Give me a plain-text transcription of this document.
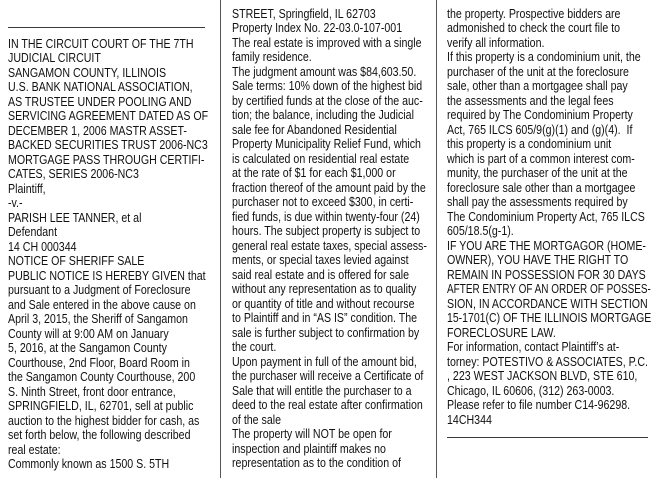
IN THE CIRCUIT COURT OF THE 7TH
JUDICIAL CIRCUIT
SANGAMON COUNTY, ILLINOIS
U.S. BANK NATIONAL ASSOCIATION,
AS TRUSTEE UNDER POOLING AND
SERVICING AGREEMENT DATED AS OF
DECEMBER 1, 2006 MASTR ASSET-
BACKED SECURITIES TRUST 2006-NC3
MORTGAGE PASS THROUGH CERTIFI-
CATES, SERIES 2006-NC3
Plaintiff,
-v.-
PARISH LEE TANNER, et al
Defendant
14 CH 000344
NOTICE OF SHERIFF SALE
PUBLIC NOTICE IS HEREBY GIVEN that
pursuant to a Judgment of Foreclosure
and Sale entered in the above cause on
April 3, 2015, the Sheriff of Sangamon
County will at 9:00 AM on January
5, 2016, at the Sangamon County
Courthouse, 2nd Floor, Board Room in
the Sangamon County Courthouse, 200
S. Ninth Street, front door entrance,
SPRINGFIELD, IL, 62701, sell at public
auction to the highest bidder for cash, as
set forth below, the following described
real estate:
Commonly known as 1500 S. 5TH
STREET, Springfield, IL 62703
Property Index No. 22-03.0-107-001
The real estate is improved with a single
family residence.
The judgment amount was $84,603.50.
Sale terms: 10% down of the highest bid
by certified funds at the close of the auc-
tion; the balance, including the Judicial
sale fee for Abandoned Residential
Property Municipality Relief Fund, which
is calculated on residential real estate
at the rate of $1 for each $1,000 or
fraction thereof of the amount paid by the
purchaser not to exceed $300, in certi-
fied funds, is due within twenty-four (24)
hours. The subject property is subject to
general real estate taxes, special assess-
ments, or special taxes levied against
said real estate and is offered for sale
without any representation as to quality
or quantity of title and without recourse
to Plaintiff and in “AS IS” condition. The
sale is further subject to confirmation by
the court.
Upon payment in full of the amount bid,
the purchaser will receive a Certificate of
Sale that will entitle the purchaser to a
deed to the real estate after confirmation
of the sale
The property will NOT be open for
inspection and plaintiff makes no
representation as to the condition of
the property. Prospective bidders are
admonished to check the court file to
verify all information.
If this property is a condominium unit, the
purchaser of the unit at the foreclosure
sale, other than a mortgagee shall pay
the assessments and the legal fees
required by The Condominium Property
Act, 765 ILCS 605/9(g)(1) and (g)(4).  If
this property is a condominium unit
which is part of a common interest com-
munity, the purchaser of the unit at the
foreclosure sale other than a mortgagee
shall pay the assessments required by
The Condominium Property Act, 765 ILCS
605/18.5(g-1).
IF YOU ARE THE MORTGAGOR (HOME-
OWNER), YOU HAVE THE RIGHT TO
REMAIN IN POSSESSION FOR 30 DAYS
AFTER ENTRY OF AN ORDER OF POSSES-
SION, IN ACCORDANCE WITH SECTION
15-1701(C) OF THE ILLINOIS MORTGAGE
FORECLOSURE LAW.
For information, contact Plaintiff’s at-
torney: POTESTIVO & ASSOCIATES, P.C.
, 223 WEST JACKSON BLVD, STE 610,
Chicago, IL 60606, (312) 263-0003.
Please refer to file number C14-96298.
14CH344
